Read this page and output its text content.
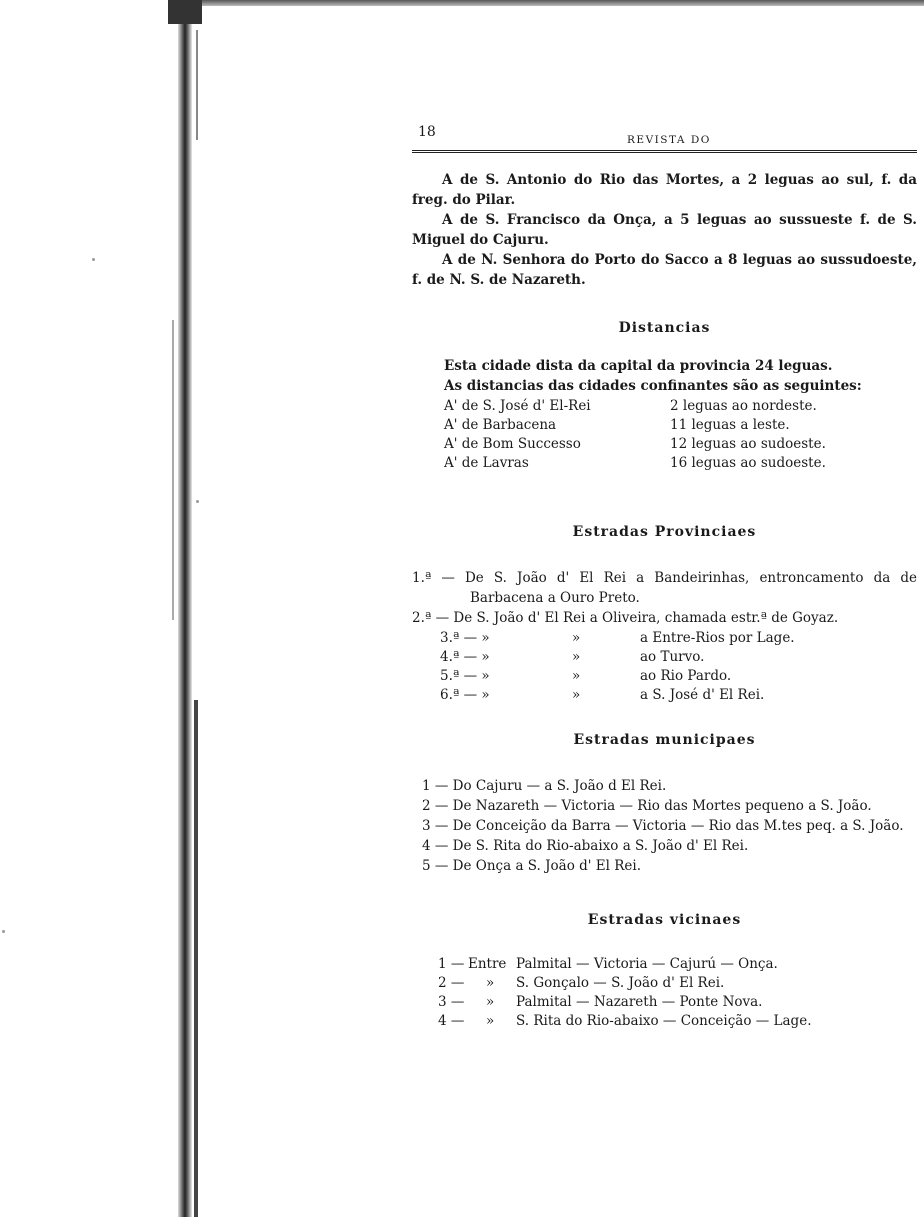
18	REVISTA DO

A de S. Antonio do Rio das Mortes, a 2 leguas ao sul, f. da freg. do Pilar.

A de S. Francisco da Onça, a 5 leguas ao sussueste f. de S. Miguel do Cajuru.

A de N. Senhora do Porto do Sacco a 8 leguas ao sussudoeste, f. de N. S. de Nazareth.

Distancias

Esta cidade dista da capital da provincia 24 leguas.

As distancias das cidades confinantes são as seguintes:

A' de S. José d' El-Rei	2 leguas ao nordeste.
A' de Barbacena	11 leguas a leste.
A' de Bom Successo	12 leguas ao sudoeste.
A' de Lavras	16 leguas ao sudoeste.
Estradas Provinciaes

1.ª — De S. João d' El Rei a Bandeirinhas, entroncamento da de Barbacena a Ouro Preto.

2.ª — De S. João d' El Rei a Oliveira, chamada estr.ª de Goyaz.

3.ª — »	»	a Entre-Rios por Lage.
4.ª — »	»	ao Turvo.
5.ª — »	»	ao Rio Pardo.
6.ª — »	»	a S. José d' El Rei.
Estradas municipaes

1 — Do Cajuru — a S. João d El Rei.

2 — De Nazareth — Victoria — Rio das Mortes pequeno a S. João.

3 — De Conceição da Barra — Victoria — Rio das M.tes peq. a S. João.

4 — De S. Rita do Rio-abaixo a S. João d' El Rei.

5 — De Onça a S. João d' El Rei.

Estradas vicinaes
1 — Entre Palmital — Victoria — Cajurú — Onça.
2 — » S. Gonçalo — S. João d' El Rei.
3 — » Palmital — Nazareth — Ponte Nova.
4 — » S. Rita do Rio-abaixo — Conceição — Lage.
